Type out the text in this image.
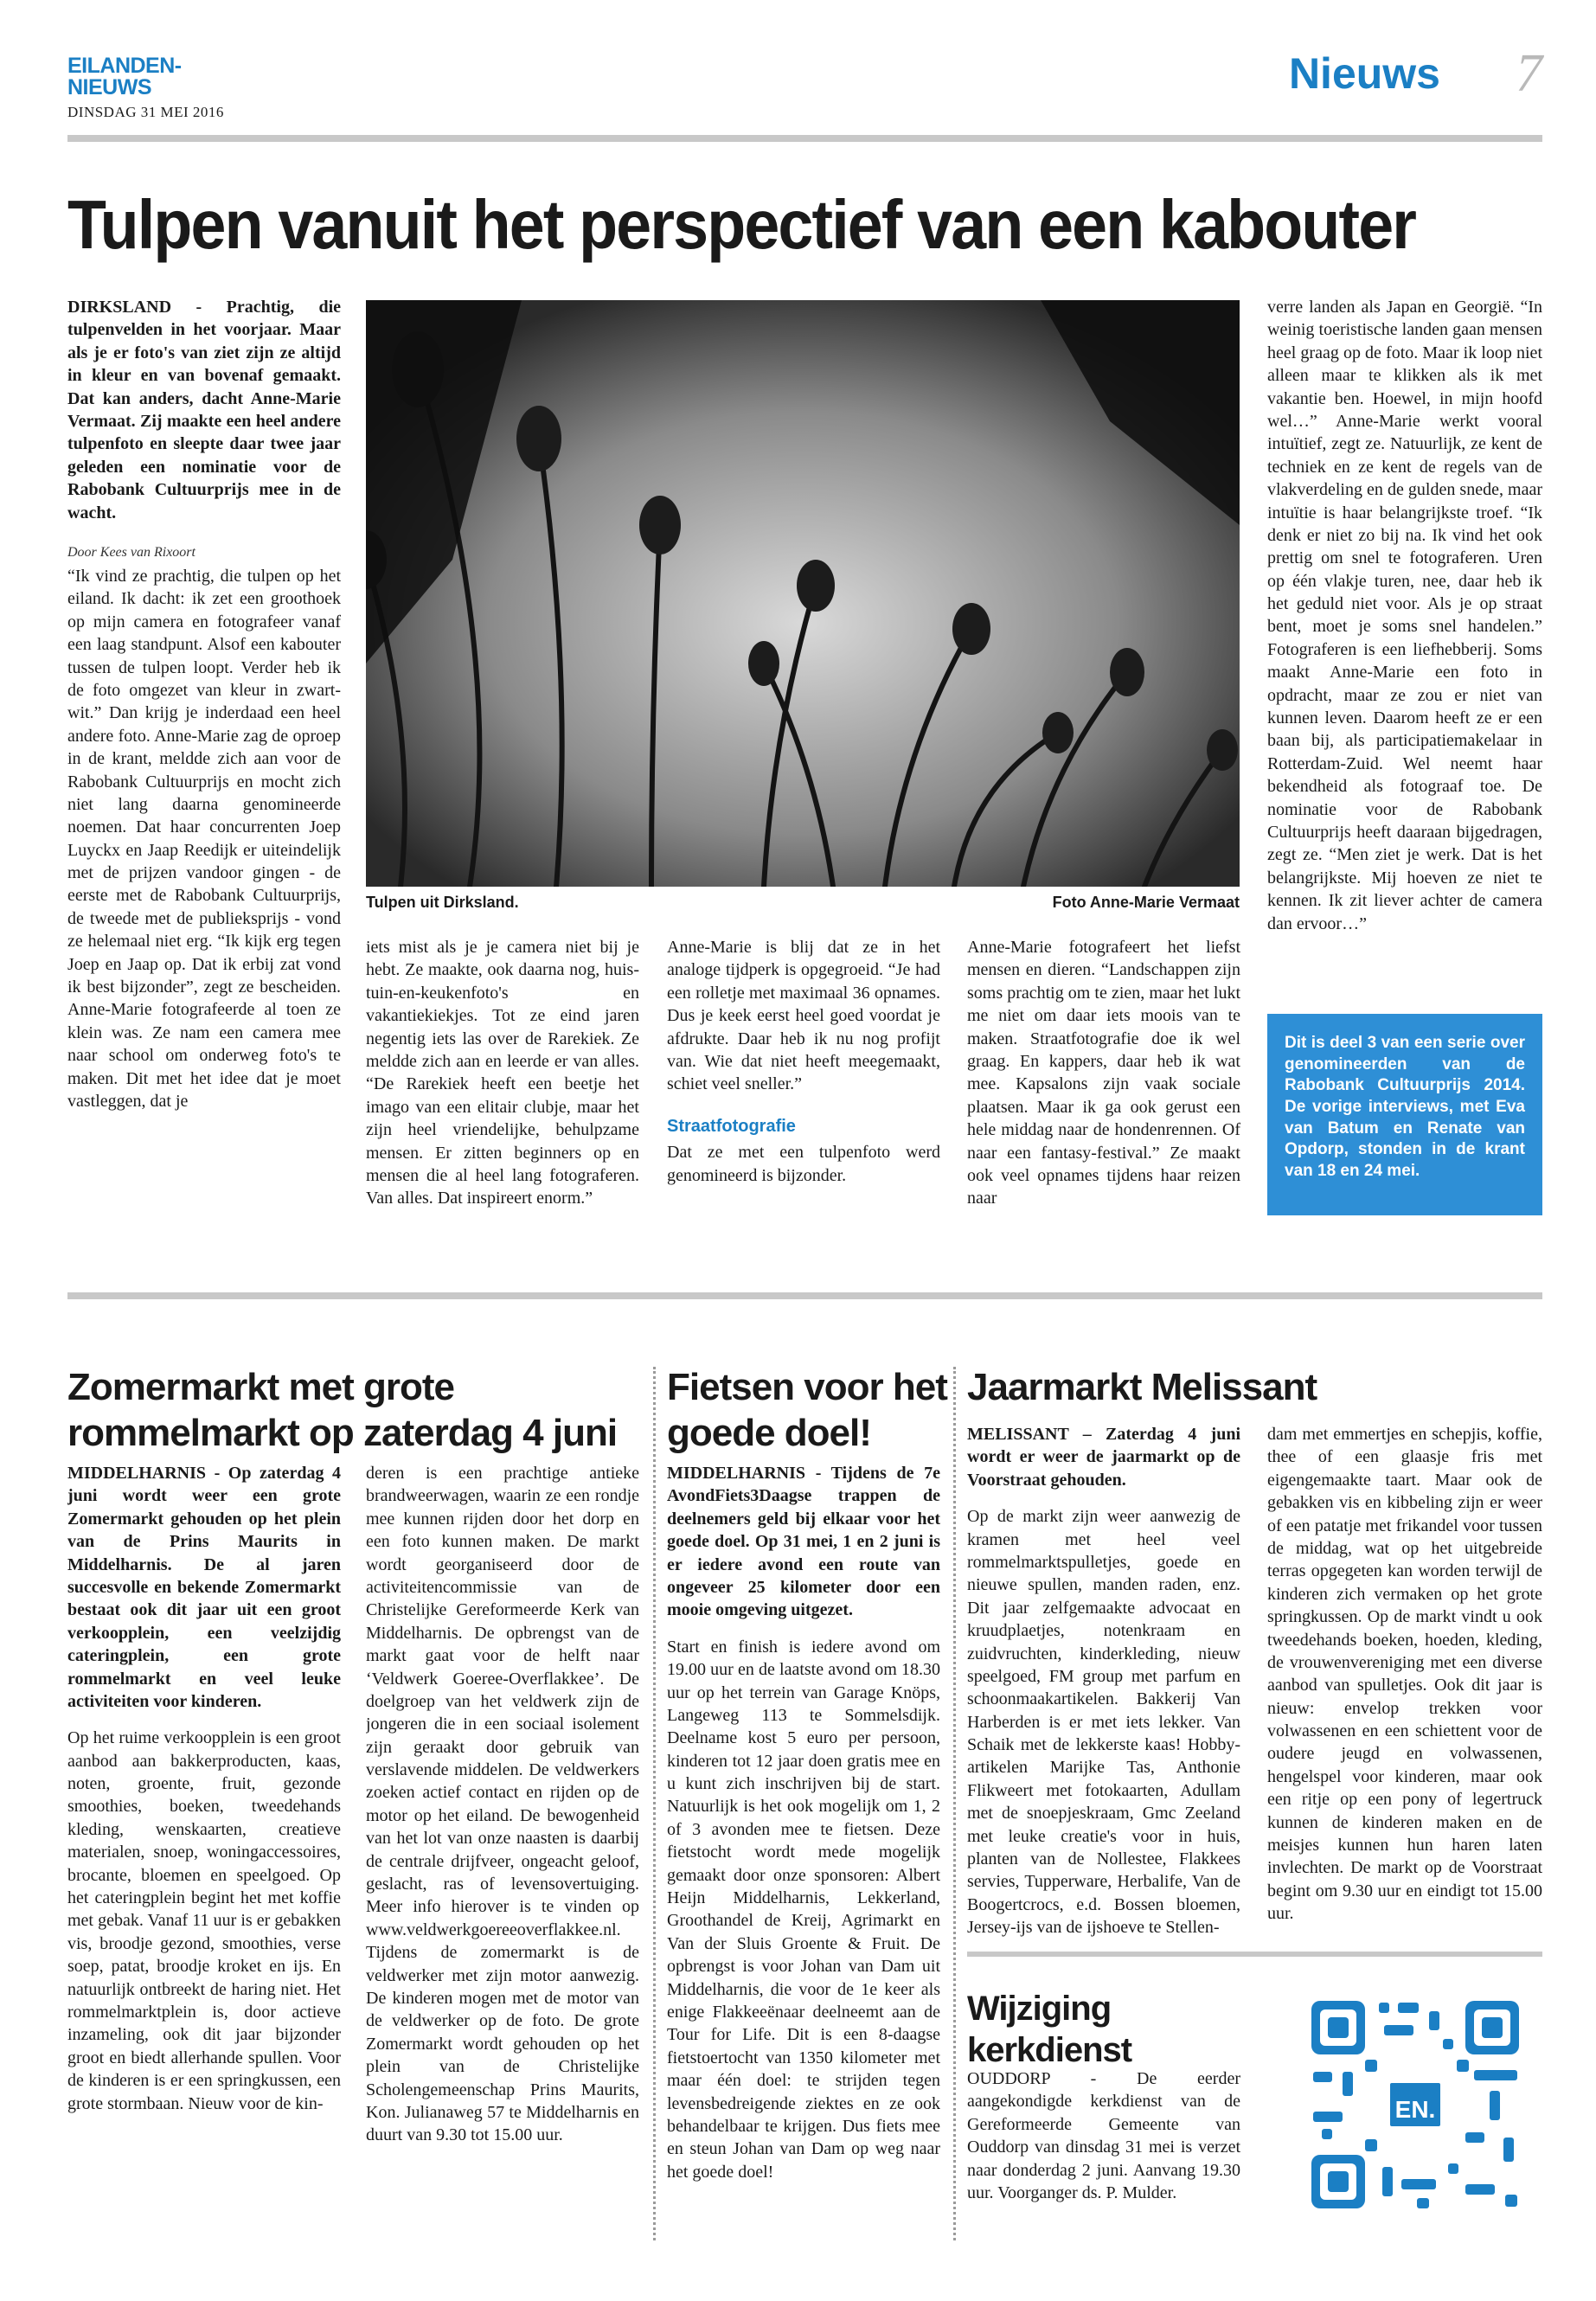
EILANDEN-NIEUWS
DINSDAG 31 MEI 2016
Nieuws 7
Tulpen vanuit het perspectief van een kabouter

DIRKSLAND - Prachtig, die tulpenvelden in het voorjaar. Maar als je er foto's van ziet zijn ze altijd in kleur en van bovenaf gemaakt. Dat kan anders, dacht Anne-Marie Vermaat. Zij maakte een heel andere tulpenfoto en sleepte daar twee jaar geleden een nominatie voor de Rabobank Cultuurprijs mee in de wacht.

Door Kees van Rixoort

“Ik vind ze prachtig, die tulpen op het eiland. Ik dacht: ik zet een groothoek op mijn camera en fotografeer vanaf een laag standpunt. Alsof een kabouter tussen de tulpen loopt. Verder heb ik de foto omgezet van kleur in zwart-wit.” Dan krijg je inderdaad een heel andere foto. Anne-Marie zag de oproep in de krant, meldde zich aan voor de Rabobank Cultuurprijs en mocht zich niet lang daarna genomineerde noemen. Dat haar concurrenten Joep Luyckx en Jaap Reedijk er uiteindelijk met de prijzen vandoor gingen - de eerste met de Rabobank Cultuurprijs, de tweede met de publieksprijs - vond ze helemaal niet erg. “Ik kijk erg tegen Joep en Jaap op. Dat ik erbij zat vond ik best bijzonder”, zegt ze bescheiden. Anne-Marie fotografeerde al toen ze klein was. Ze nam een camera mee naar school om onderweg foto's te maken. Dit met het idee dat je moet vastleggen, dat je

Tulpen uit Dirksland.	Foto Anne-Marie Vermaat

iets mist als je je camera niet bij je hebt. Ze maakte, ook daarna nog, huis-tuin-en-keukenfoto's en vakantiekiekjes. Tot ze eind jaren negentig iets las over de Rarekiek. Ze meldde zich aan en leerde er van alles. “De Rarekiek heeft een beetje het imago van een elitair clubje, maar het zijn heel vriendelijke, behulpzame mensen. Er zitten beginners op en mensen die al heel lang fotograferen. Van alles. Dat inspireert enorm.”

Anne-Marie is blij dat ze in het analoge tijdperk is opgegroeid. “Je had een rolletje met maximaal 36 opnames. Dus je keek eerst heel goed voordat je afdrukte. Daar heb ik nu nog profijt van. Wie dat niet heeft meegemaakt, schiet veel sneller.”

Straatfotografie

Dat ze met een tulpenfoto werd genomineerd is bijzonder.

Anne-Marie fotografeert het liefst mensen en dieren. “Landschappen zijn soms prachtig om te zien, maar het lukt me niet om daar iets moois van te maken. Straatfotografie doe ik wel graag. En kappers, daar heb ik wat mee. Kapsalons zijn vaak sociale plaatsen. Maar ik ga ook gerust een hele middag naar de hondenrennen. Of naar een fantasy-festival.” Ze maakt ook veel opnames tijdens haar reizen naar

verre landen als Japan en Georgië. “In weinig toeristische landen gaan mensen heel graag op de foto. Maar ik loop niet alleen maar te klikken als ik met vakantie ben. Hoewel, in mijn hoofd wel…” Anne-Marie werkt vooral intuïtief, zegt ze. Natuurlijk, ze kent de techniek en ze kent de regels van de vlakverdeling en de gulden snede, maar intuïtie is haar belangrijkste troef. “Ik denk er niet zo bij na. Ik vind het ook prettig om snel te fotograferen. Uren op één vlakje turen, nee, daar heb ik het geduld niet voor. Als je op straat bent, moet je soms snel handelen.” Fotograferen is een liefhebberij. Soms maakt Anne-Marie een foto in opdracht, maar ze zou er niet van kunnen leven. Daarom heeft ze er een baan bij, als participatiemakelaar in Rotterdam-Zuid. Wel neemt haar bekendheid als fotograaf toe. De nominatie voor de Rabobank Cultuurprijs heeft daaraan bijgedragen, zegt ze. “Men ziet je werk. Dat is het belangrijkste. Mij hoeven ze niet te kennen. Ik zit liever achter de camera dan ervoor…”

Dit is deel 3 van een serie over genomineerden van de Rabobank Cultuurprijs 2014. De vorige interviews, met Eva van Batum en Renate van Opdorp, stonden in de krant van 18 en 24 mei.
Zomermarkt met grote rommelmarkt op zaterdag 4 juni

MIDDELHARNIS - Op zaterdag 4 juni wordt weer een grote Zomermarkt gehouden op het plein van de Prins Maurits in Middelharnis. De al jaren succesvolle en bekende Zomermarkt bestaat ook dit jaar uit een groot verkoopplein, een veelzijdig cateringplein, een grote rommelmarkt en veel leuke activiteiten voor kinderen.

Op het ruime verkoopplein is een groot aanbod aan bakkerproducten, kaas, noten, groente, fruit, gezonde smoothies, boeken, tweedehands kleding, wenskaarten, creatieve materialen, snoep, woningaccessoires, brocante, bloemen en speelgoed. Op het cateringplein begint het met koffie met gebak. Vanaf 11 uur is er gebakken vis, broodje gezond, smoothies, verse soep, patat, broodje kroket en ijs. En natuurlijk ontbreekt de haring niet. Het rommelmarktplein is, door actieve inzameling, ook dit jaar bijzonder groot en biedt allerhande spullen. Voor de kinderen is er een springkussen, een grote stormbaan. Nieuw voor de kin-

deren is een prachtige antieke brandweerwagen, waarin ze een rondje mee kunnen rijden door het dorp en een foto kunnen maken. De markt wordt georganiseerd door de activiteitencommissie van de Christelijke Gereformeerde Kerk van Middelharnis. De opbrengst van de markt gaat voor de helft naar ‘Veldwerk Goeree-Overflakkee’. De doelgroep van het veldwerk zijn de jongeren die in een sociaal isolement zijn geraakt door gebruik van verslavende middelen. De veldwerkers zoeken actief contact en rijden op de motor op het eiland. De bewogenheid van het lot van onze naasten is daarbij de centrale drijfveer, ongeacht geloof, geslacht, ras of levensovertuiging. Meer info hierover is te vinden op www.veldwerkgoereeoverflakkee.nl. Tijdens de zomermarkt is de veldwerker met zijn motor aanwezig. De kinderen mogen met de motor van de veldwerker op de foto. De grote Zomermarkt wordt gehouden op het plein van de Christelijke Scholengemeenschap Prins Maurits, Kon. Julianaweg 57 te Middelharnis en duurt van 9.30 tot 15.00 uur.

Fietsen voor het goede doel!

MIDDELHARNIS - Tijdens de 7e AvondFiets3Daagse trappen de deelnemers geld bij elkaar voor het goede doel. Op 31 mei, 1 en 2 juni is er iedere avond een route van ongeveer 25 kilometer door een mooie omgeving uitgezet.

Start en finish is iedere avond om 19.00 uur en de laatste avond om 18.30 uur op het terrein van Garage Knöps, Langeweg 113 te Sommelsdijk. Deelname kost 5 euro per persoon, kinderen tot 12 jaar doen gratis mee en u kunt zich inschrijven bij de start. Natuurlijk is het ook mogelijk om 1, 2 of 3 avonden mee te fietsen. Deze fietstocht wordt mede mogelijk gemaakt door onze sponsoren: Albert Heijn Middelharnis, Lekkerland, Groothandel de Kreij, Agrimarkt en Van der Sluis Groente & Fruit. De opbrengst is voor Johan van Dam uit Middelharnis, die voor de 1e keer als enige Flakkeeënaar deelneemt aan de Tour for Life. Dit is een 8-daagse fietstoertocht van 1350 kilometer met maar één doel: te strijden tegen levensbedreigende ziektes en ze ook behandelbaar te krijgen. Dus fiets mee en steun Johan van Dam op weg naar het goede doel!

Jaarmarkt Melissant

MELISSANT – Zaterdag 4 juni wordt er weer de jaarmarkt op de Voorstraat gehouden.

Op de markt zijn weer aanwezig de kramen met heel veel rommelmarktspulletjes, goede en nieuwe spullen, manden raden, enz. Dit jaar zelfgemaakte advocaat en kruudplaetjes, notenkraam en zuidvruchten, kinderkleding, nieuw speelgoed, FM group met parfum en schoonmaakartikelen. Bakkerij Van Harberden is er met iets lekker. Van Schaik met de lekkerste kaas! Hobby-artikelen Marijke Tas, Anthonie Flikweert met fotokaarten, Adullam met de snoepjeskraam, Gmc Zeeland met leuke creatie's voor in huis, planten van de Nollestee, Flakkees servies, Tupperware, Herbalife, Van de Boogertcrocs, e.d. Bossen bloemen, Jersey-ijs van de ijshoeve te Stellen-

dam met emmertjes en schepjis, koffie, thee of een glaasje fris met eigengemaakte taart. Maar ook de gebakken vis en kibbeling zijn er weer of een patatje met frikandel voor tussen de middag, wat op het uitgebreide terras opgegeten kan worden terwijl de kinderen zich vermaken op het grote springkussen. Op de markt vindt u ook tweedehands boeken, hoeden, kleding, de vrouwenvereniging met een diverse aanbod van spulletjes. Ook dit jaar is nieuw: envelop trekken voor volwassenen en een schiettent voor de oudere jeugd en volwassenen, hengelspel voor kinderen, maar ook een ritje op een pony of legertruck kunnen de kinderen maken en de meisjes kunnen hun haren laten invlechten. De markt op de Voorstraat begint om 9.30 uur en eindigt tot 15.00 uur.

Wijziging kerkdienst

OUDDORP - De eerder aangekondigde kerkdienst van de Gereformeerde Gemeente van Ouddorp van dinsdag 31 mei is verzet naar donderdag 2 juni. Aanvang 19.30 uur. Voorganger ds. P. Mulder.

EN.
